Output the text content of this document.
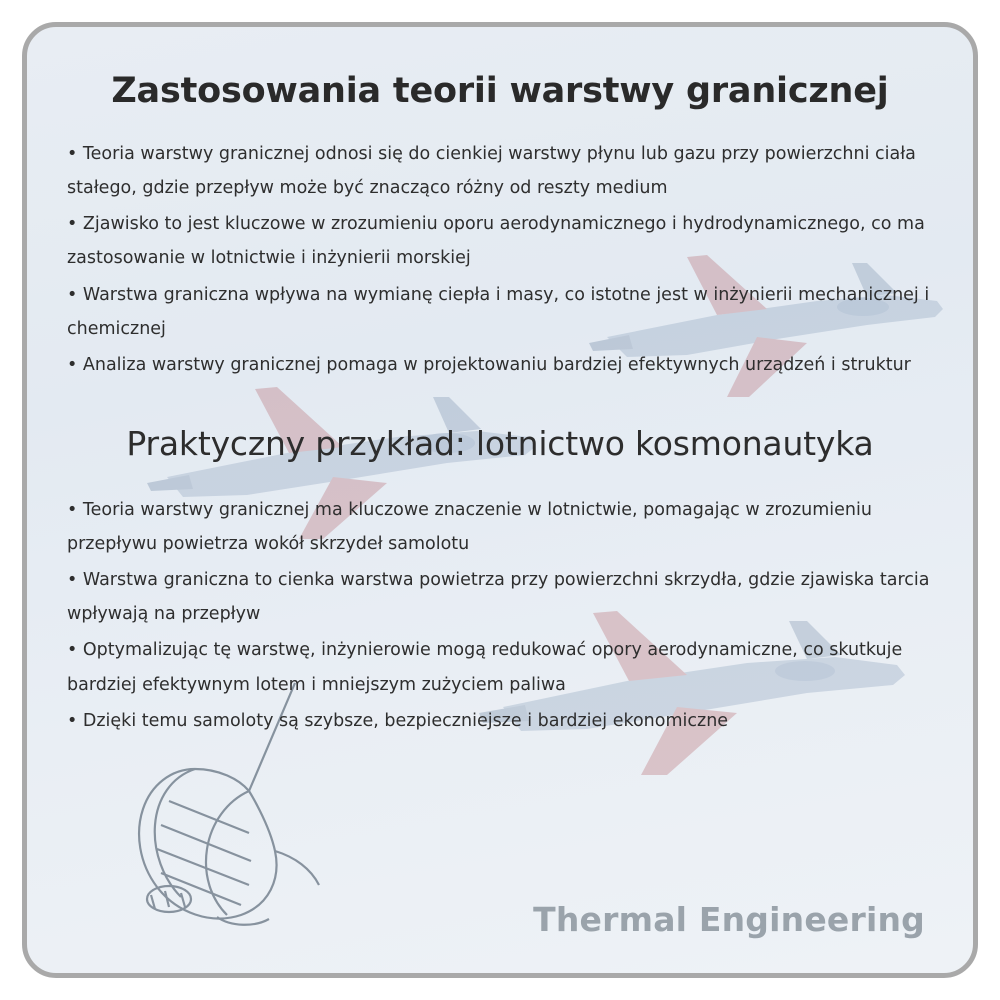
Zastosowania teorii warstwy granicznej
• Teoria warstwy granicznej odnosi się do cienkiej warstwy płynu lub gazu przy powierzchni ciała stałego, gdzie przepływ może być znacząco różny od reszty medium
• Zjawisko to jest kluczowe w zrozumieniu oporu aerodynamicznego i hydrodynamicznego, co ma zastosowanie w lotnictwie i inżynierii morskiej
• Warstwa graniczna wpływa na wymianę ciepła i masy, co istotne jest w inżynierii mechanicznej i chemicznej
• Analiza warstwy granicznej pomaga w projektowaniu bardziej efektywnych urządzeń i struktur
Praktyczny przykład: lotnictwo kosmonautyka
• Teoria warstwy granicznej ma kluczowe znaczenie w lotnictwie, pomagając w zrozumieniu przepływu powietrza wokół skrzydeł samolotu
• Warstwa graniczna to cienka warstwa powietrza przy powierzchni skrzydła, gdzie zjawiska tarcia wpływają na przepływ
• Optymalizując tę warstwę, inżynierowie mogą redukować opory aerodynamiczne, co skutkuje bardziej efektywnym lotem i mniejszym zużyciem paliwa
• Dzięki temu samoloty są szybsze, bezpieczniejsze i bardziej ekonomiczne
Thermal Engineering
